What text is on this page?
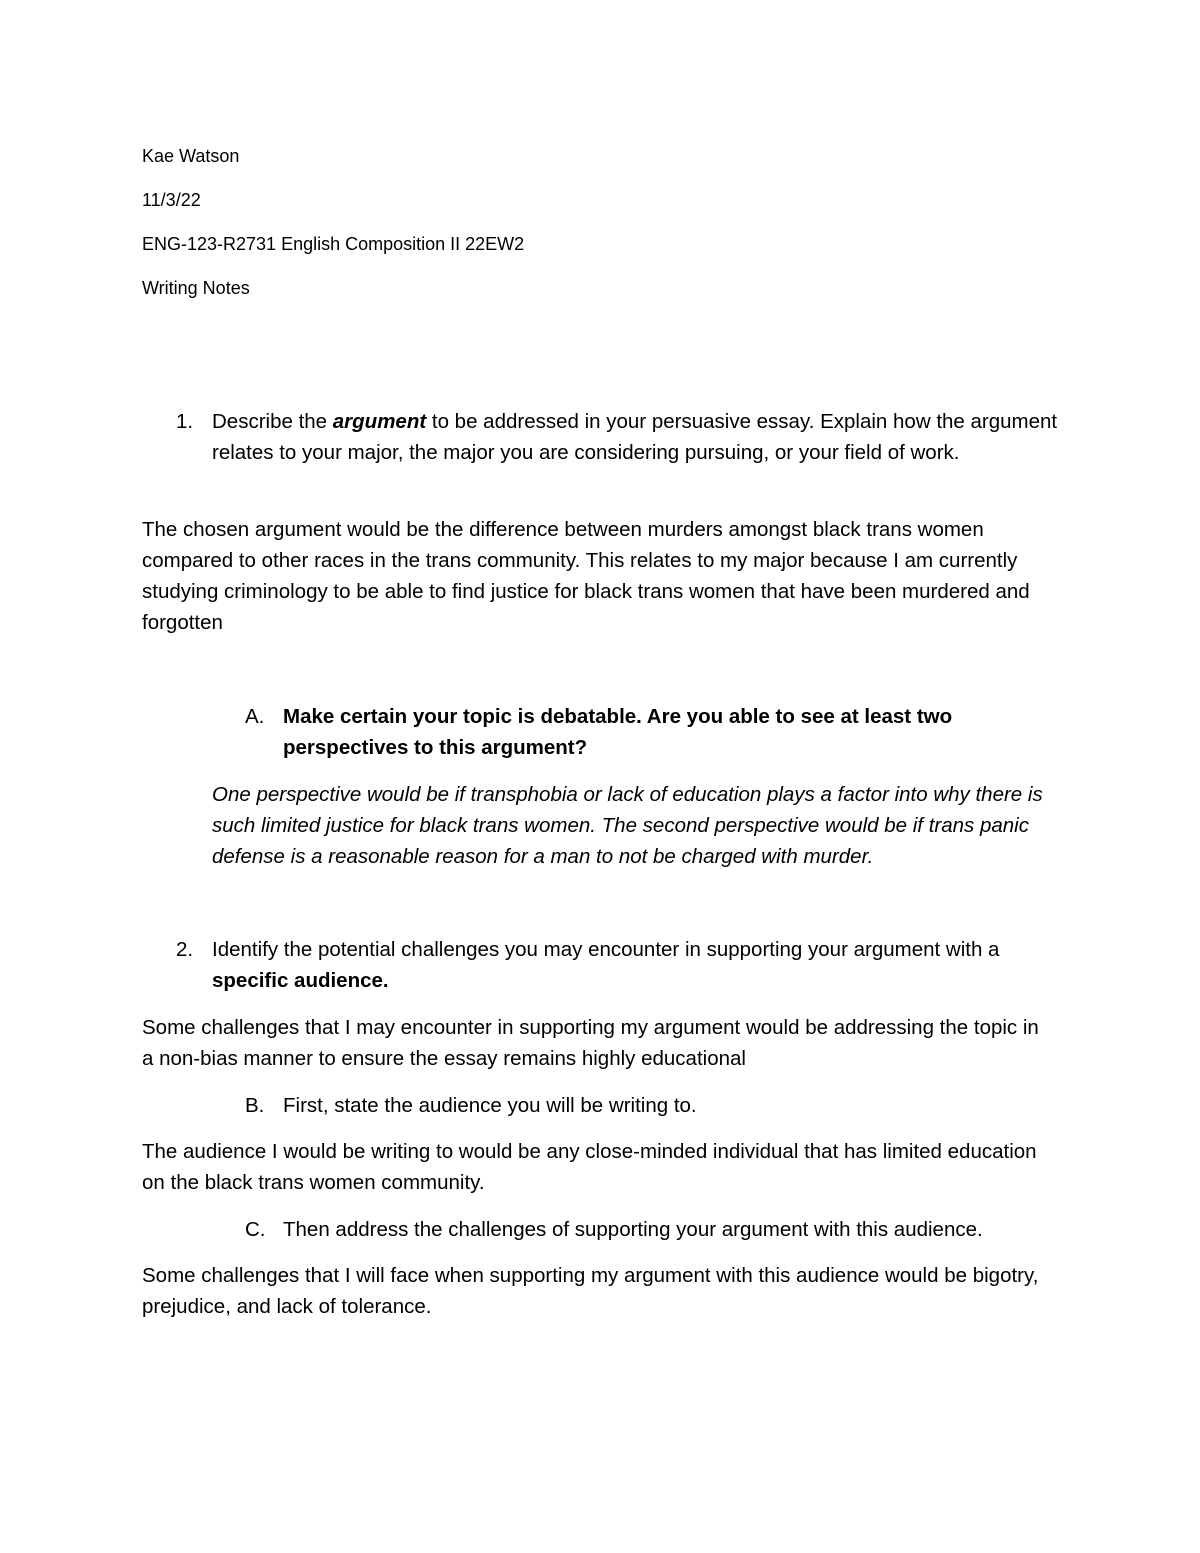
Kae Watson
11/3/22
ENG-123-R2731 English Composition II 22EW2
Writing Notes
1. Describe the argument to be addressed in your persuasive essay. Explain how the argument relates to your major, the major you are considering pursuing, or your field of work.
The chosen argument would be the difference between murders amongst black trans women compared to other races in the trans community. This relates to my major because I am currently studying criminology to be able to find justice for black trans women that have been murdered and forgotten
A. Make certain your topic is debatable. Are you able to see at least two perspectives to this argument?
One perspective would be if transphobia or lack of education plays a factor into why there is such limited justice for black trans women. The second perspective would be if trans panic defense is a reasonable reason for a man to not be charged with murder.
2. Identify the potential challenges you may encounter in supporting your argument with a specific audience.
Some challenges that I may encounter in supporting my argument would be addressing the topic in a non-bias manner to ensure the essay remains highly educational
B. First, state the audience you will be writing to.
The audience I would be writing to would be any close-minded individual that has limited education on the black trans women community.
C. Then address the challenges of supporting your argument with this audience.
Some challenges that I will face when supporting my argument with this audience would be bigotry, prejudice, and lack of tolerance.
